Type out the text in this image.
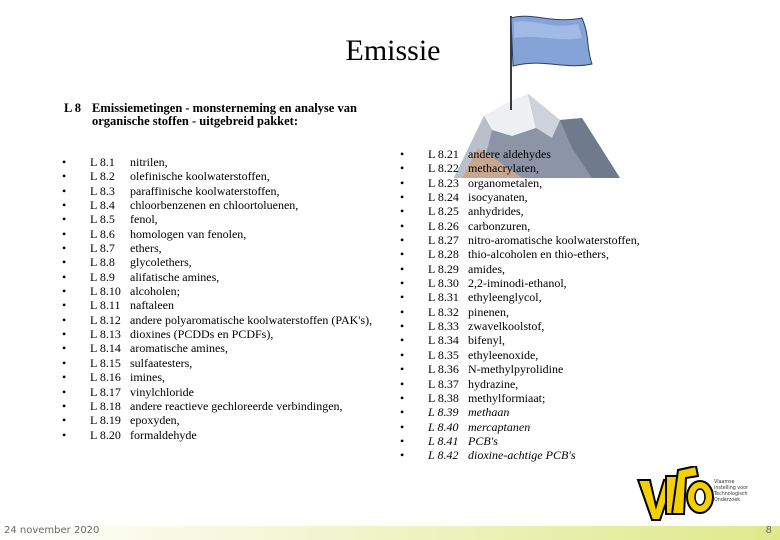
Emissie
L 8 Emissiemetingen - monsterneming en analyse van
organische stoffen - uitgebreid pakket:
• L 8.1 nitrilen,
• L 8.2 olefinische koolwaterstoffen,
• L 8.3 paraffinische koolwaterstoffen,
• L 8.4 chloorbenzenen en chloortoluenen,
• L 8.5 fenol,
• L 8.6 homologen van fenolen,
• L 8.7 ethers,
• L 8.8 glycolethers,
• L 8.9 alifatische amines,
• L 8.10 alcoholen;
• L 8.11 naftaleen
• L 8.12 andere polyaromatische koolwaterstoffen (PAK's),
• L 8.13 dioxines (PCDDs en PCDFs),
• L 8.14 aromatische amines,
• L 8.15 sulfaatesters,
• L 8.16 imines,
• L 8.17 vinylchloride
• L 8.18 andere reactieve gechloreerde verbindingen,
• L 8.19 epoxyden,
• L 8.20 formaldehyde
• L 8.21 andere aldehydes
• L 8.22 methacrylaten,
• L 8.23 organometalen,
• L 8.24 isocyanaten,
• L 8.25 anhydrides,
• L 8.26 carbonzuren,
• L 8.27 nitro-aromatische koolwaterstoffen,
• L 8.28 thio-alcoholen en thio-ethers,
• L 8.29 amides,
• L 8.30 2,2-iminodi-ethanol,
• L 8.31 ethyleenglycol,
• L 8.32 pinenen,
• L 8.33 zwavelkoolstof,
• L 8.34 bifenyl,
• L 8.35 ethyleenoxide,
• L 8.36 N-methylpyrolidine
• L 8.37 hydrazine,
• L 8.38 methylformiaat;
• L 8.39 methaan
• L 8.40 mercaptanen
• L 8.41 PCB's
• L 8.42 dioxine-achtige PCB's
Vlaamse
instelling voor
Technologisch
Onderzoek
24 november 2020	8
